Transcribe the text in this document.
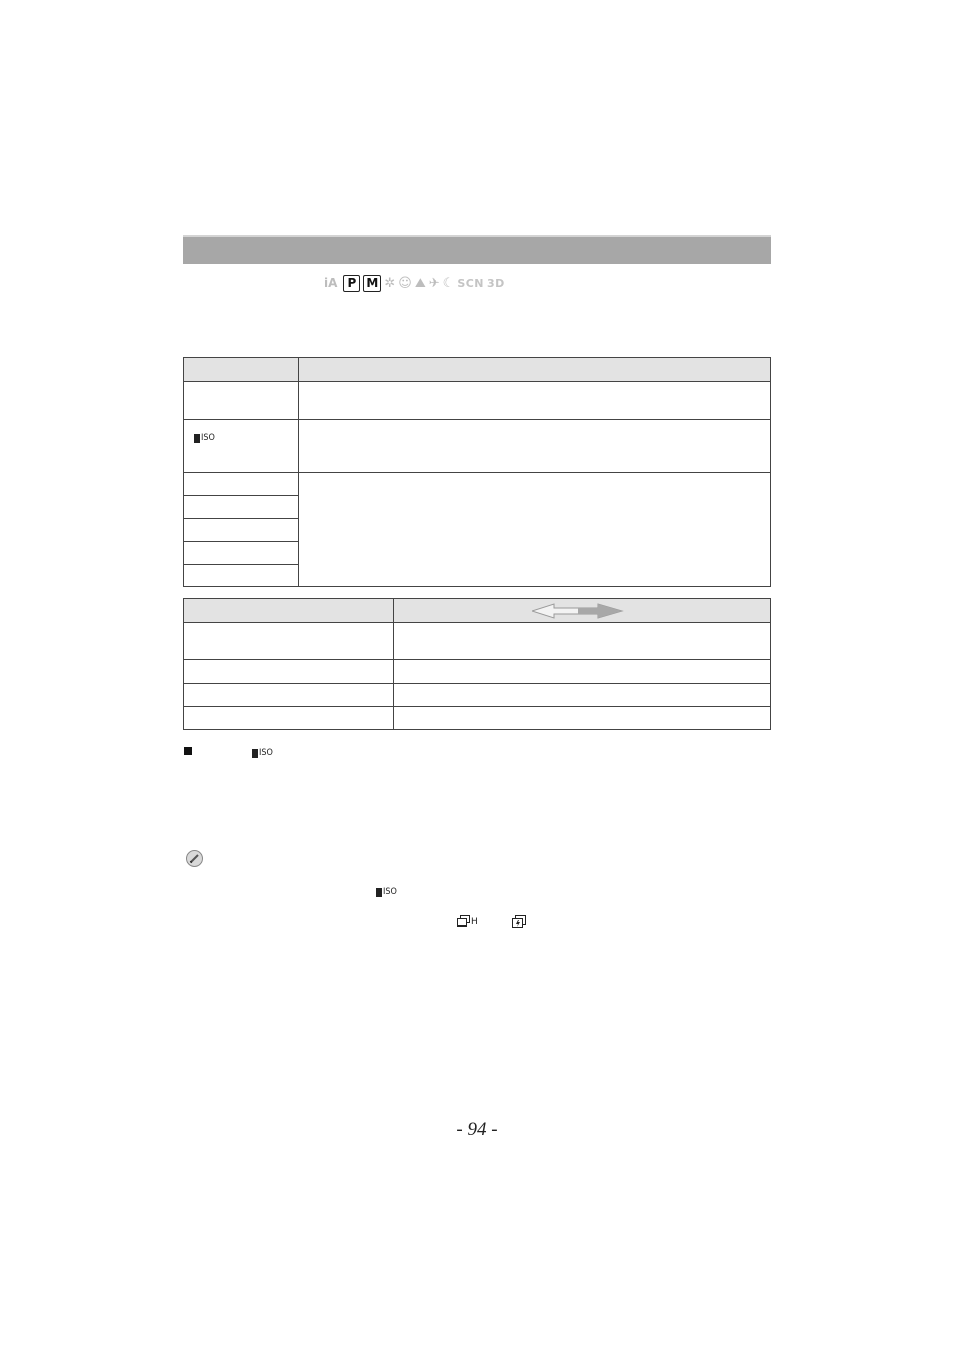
iA P M ✲ ☺ ⛰ ✈ ☾ SCN 3D
ISO
ISO
ISO
H
- 94 -
